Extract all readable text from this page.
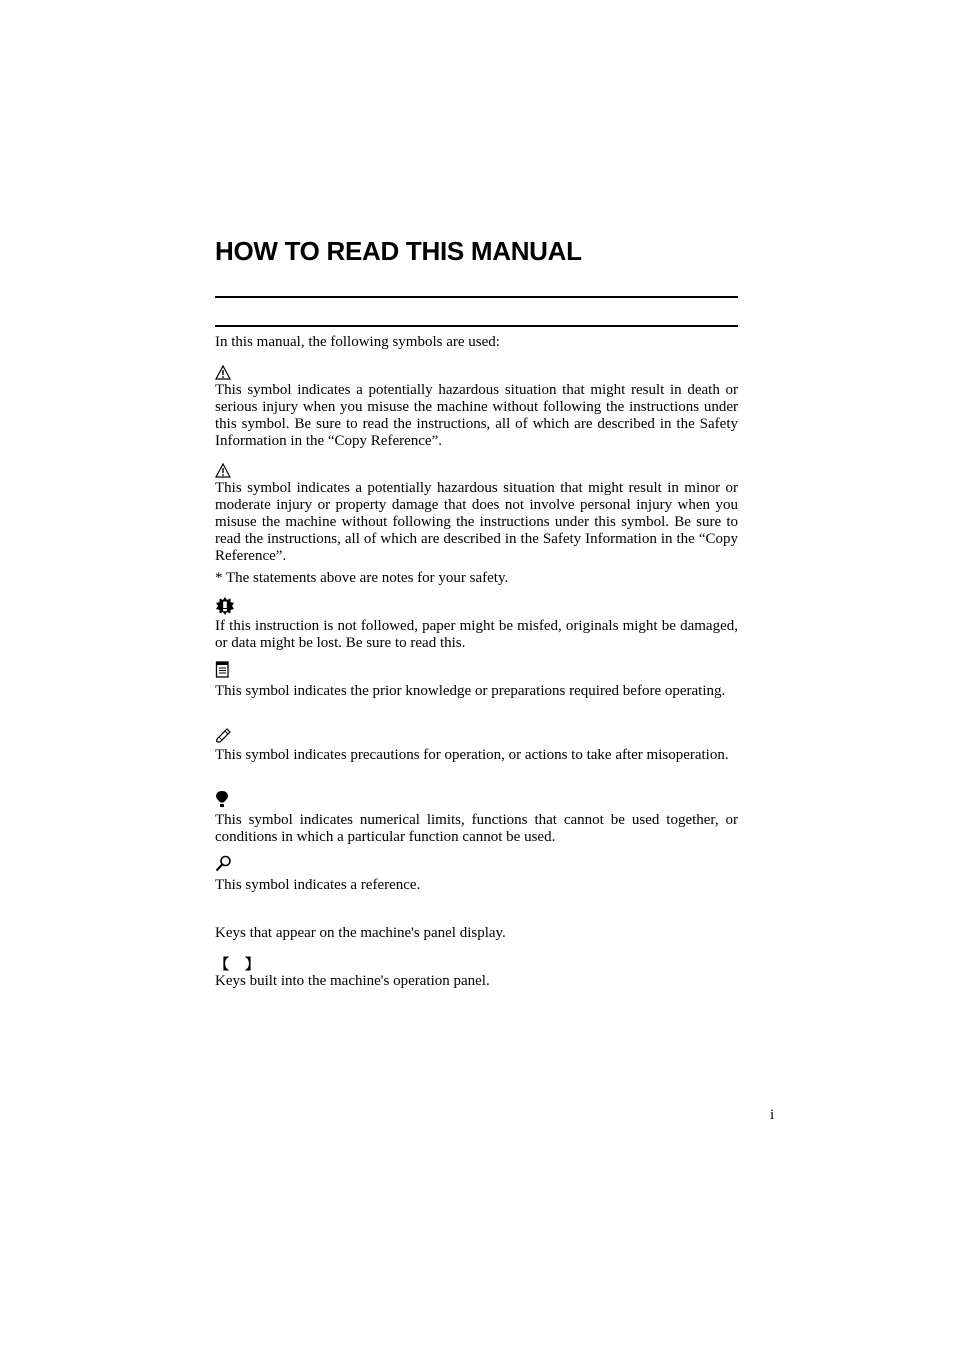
HOW TO READ THIS MANUAL

In this manual, the following symbols are used:

This symbol indicates a potentially hazardous situation that might result in death or serious injury when you misuse the machine without following the instructions under this symbol. Be sure to read the instructions, all of which are described in the Safety Information in the “Copy Reference”.

This symbol indicates a potentially hazardous situation that might result in minor or moderate injury or property damage that does not involve personal injury when you misuse the machine without following the instructions under this symbol. Be sure to read the instructions, all of which are described in the Safety Information in the “Copy Reference”.

* The statements above are notes for your safety.

If this instruction is not followed, paper might be misfed, originals might be damaged, or data might be lost. Be sure to read this.

This symbol indicates the prior knowledge or preparations required before operating.

This symbol indicates precautions for operation, or actions to take after misoperation.

This symbol indicates numerical limits, functions that cannot be used together, or conditions in which a particular function cannot be used.

This symbol indicates a reference.

Keys that appear on the machine's panel display.

【 】

Keys built into the machine's operation panel.

i
